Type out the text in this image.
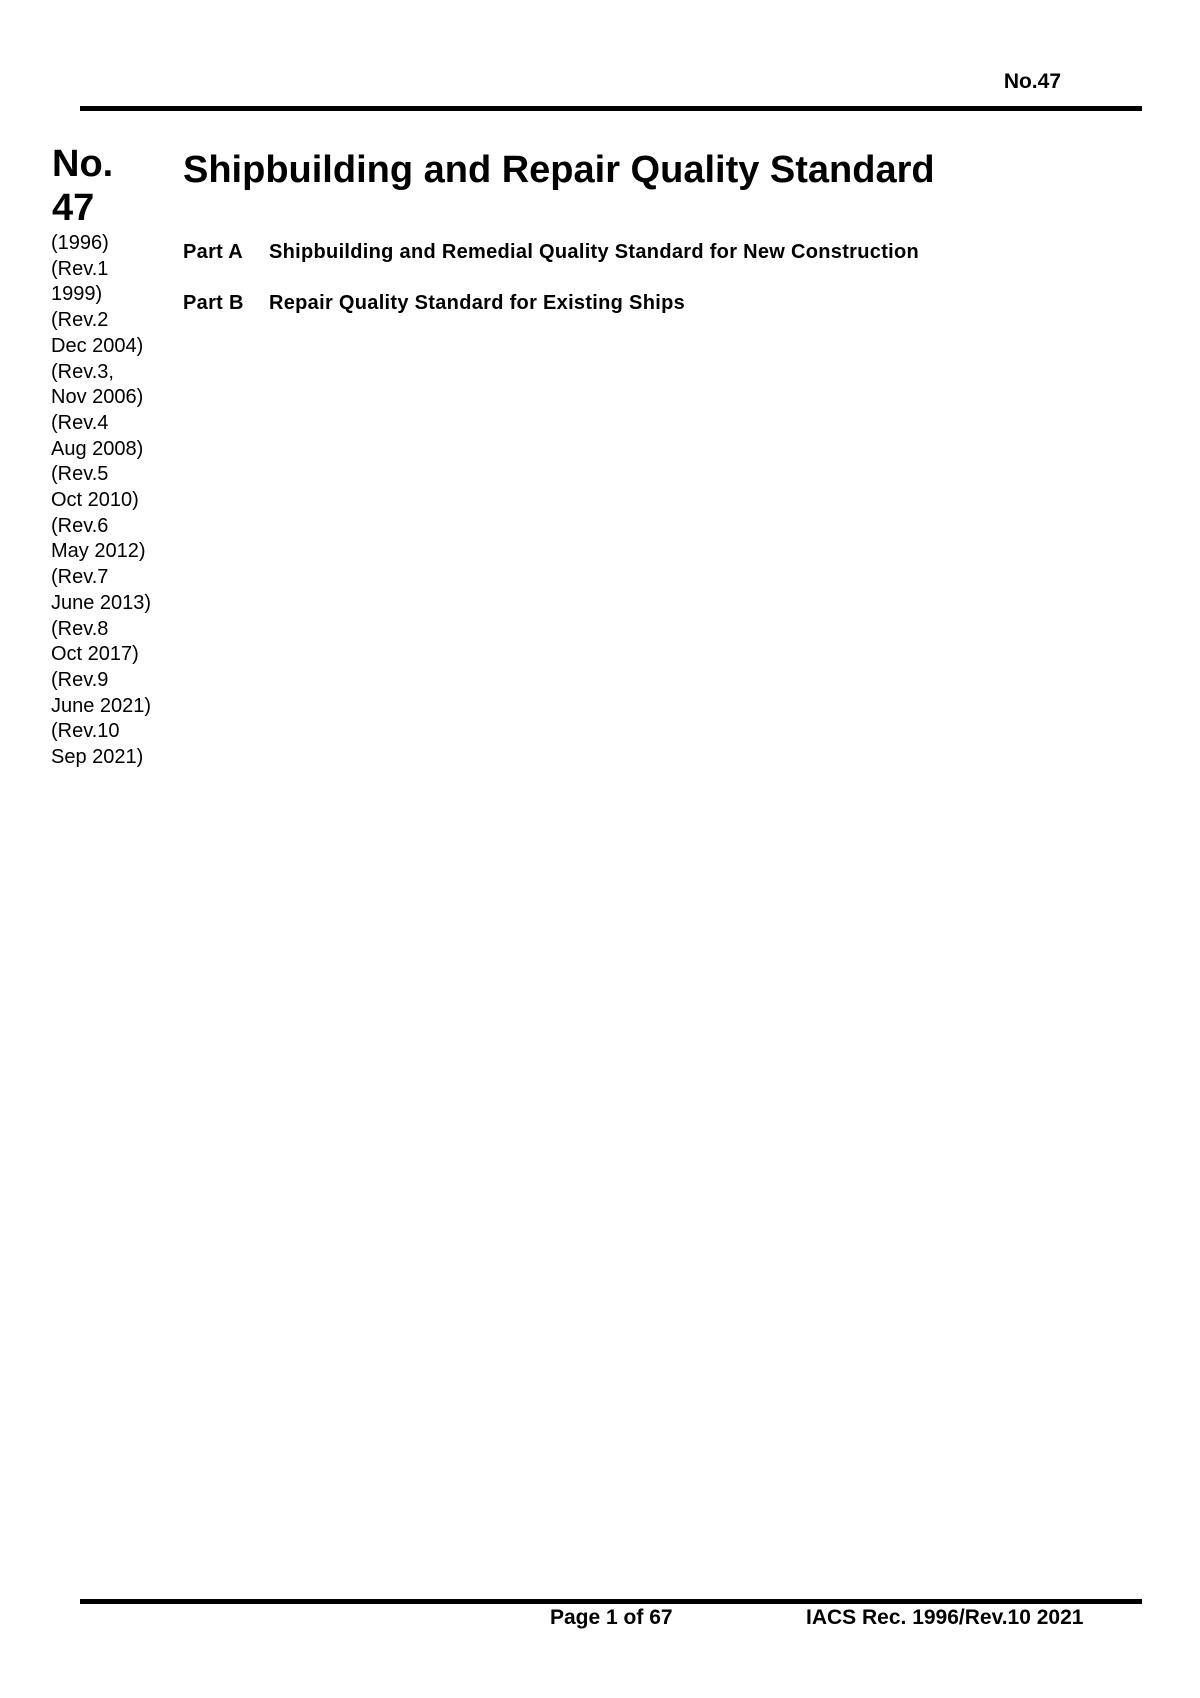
No.47
No.
47
(1996)
(Rev.1
1999)
(Rev.2
Dec 2004)
(Rev.3,
Nov 2006)
(Rev.4
Aug 2008)
(Rev.5
Oct 2010)
(Rev.6
May 2012)
(Rev.7
June 2013)
(Rev.8
Oct 2017)
(Rev.9
June 2021)
(Rev.10
Sep 2021)
Shipbuilding and Repair Quality Standard
Part A	Shipbuilding and Remedial Quality Standard for New Construction
Part B	Repair Quality Standard for Existing Ships
Page 1 of 67	IACS Rec. 1996/Rev.10 2021
